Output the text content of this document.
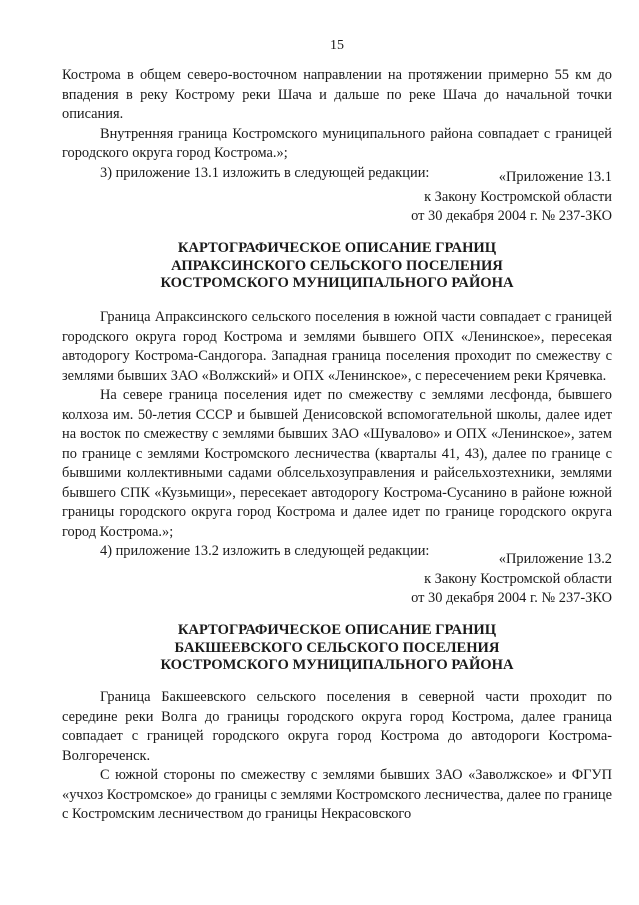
15

Кострома в общем северо-восточном направлении на протяжении примерно 55 км до впадения в реку Кострому реки Шача и дальше по реке Шача до начальной точки описания.

Внутренняя граница Костромского муниципального района совпадает с границей городского округа город Кострома.»;

3) приложение 13.1 изложить в следующей редакции:	«Приложение 13.1
к Закону Костромской области
от 30 декабря 2004 г. № 237-ЗКО
КАРТОГРАФИЧЕСКОЕ ОПИСАНИЕ ГРАНИЦ
АПРАКСИНСКОГО СЕЛЬСКОГО ПОСЕЛЕНИЯ
КОСТРОМСКОГО МУНИЦИПАЛЬНОГО РАЙОНА

Граница Апраксинского сельского поселения в южной части совпадает с границей городского округа город Кострома и землями бывшего ОПХ «Ленинское», пересекая автодорогу Кострома-Сандогора. Западная граница поселения проходит по смежеству с землями бывших ЗАО «Волжский» и ОПХ «Ленинское», с пересечением реки Крячевка.

На севере граница поселения идет по смежеству с землями лесфонда, бывшего колхоза им. 50-летия СССР и бывшей Денисовской вспомогательной школы, далее идет на восток по смежеству с землями бывших ЗАО «Шувалово» и ОПХ «Ленинское», затем по границе с землями Костромского лесничества (кварталы 41, 43), далее по границе с бывшими коллективными садами облсельхозуправления и райсельхозтехники, землями бывшего СПК «Кузьмищи», пересекает автодорогу Кострома-Сусанино в районе южной границы городского округа город Кострома и далее идет по границе городского округа город Кострома.»;

4) приложение 13.2 изложить в следующей редакции:	«Приложение 13.2
к Закону Костромской области
от 30 декабря 2004 г. № 237-ЗКО
КАРТОГРАФИЧЕСКОЕ ОПИСАНИЕ ГРАНИЦ
БАКШЕЕВСКОГО СЕЛЬСКОГО ПОСЕЛЕНИЯ
КОСТРОМСКОГО МУНИЦИПАЛЬНОГО РАЙОНА

Граница Бакшеевского сельского поселения в северной части проходит по середине реки Волга до границы городского округа город Кострома, далее граница совпадает с границей городского округа город Кострома до автодороги Кострома-Волгореченск.

С южной стороны по смежеству с землями бывших ЗАО «Заволжское» и ФГУП «учхоз Костромское» до границы с землями Костромского лесничества, далее по границе с Костромским лесничеством до границы Некрасовского
